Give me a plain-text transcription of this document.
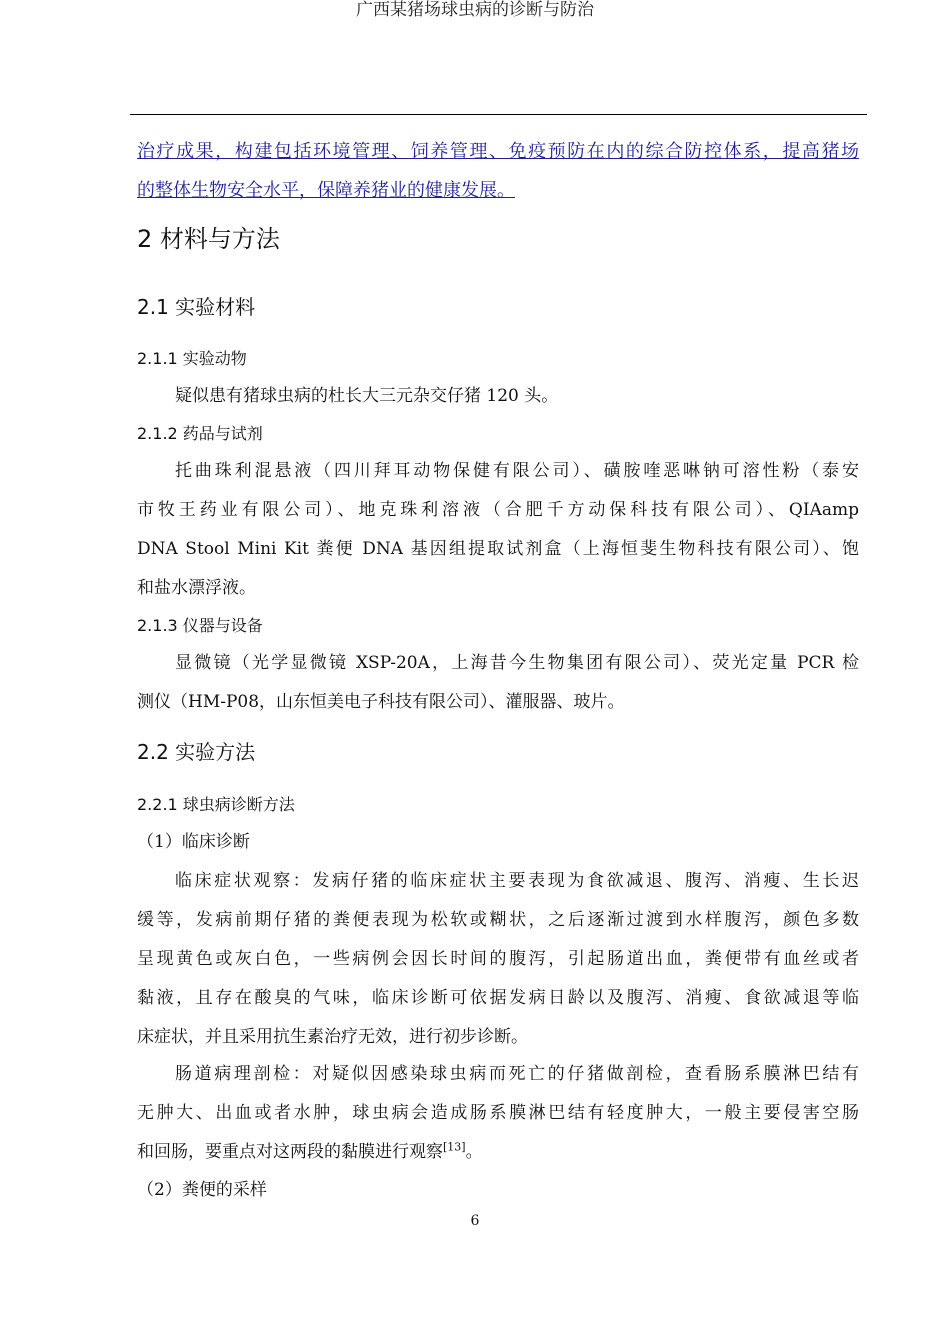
广西某猪场球虫病的诊断与防治
治疗成果，构建包括环境管理、饲养管理、免疫预防在内的综合防控体系，提高猪场
的整体生物安全水平，保障养猪业的健康发展。
2 材料与方法
2.1 实验材料
2.1.1 实验动物
疑似患有猪球虫病的杜长大三元杂交仔猪 120 头。
2.1.2 药品与试剂
托曲珠利混悬液（四川拜耳动物保健有限公司）、磺胺喹恶啉钠可溶性粉（泰安
市牧王药业有限公司）、地克珠利溶液（合肥千方动保科技有限公司）、QIAamp
DNA Stool Mini Kit 粪便 DNA 基因组提取试剂盒（上海恒斐生物科技有限公司）、饱
和盐水漂浮液。
2.1.3 仪器与设备
显微镜（光学显微镜 XSP-20A，上海昔今生物集团有限公司）、荧光定量 PCR 检
测仪（HM-P08，山东恒美电子科技有限公司）、灌服器、玻片。
2.2 实验方法
2.2.1 球虫病诊断方法
（1）临床诊断
临床症状观察：发病仔猪的临床症状主要表现为食欲减退、腹泻、消瘦、生长迟
缓等，发病前期仔猪的粪便表现为松软或糊状，之后逐渐过渡到水样腹泻，颜色多数
呈现黄色或灰白色，一些病例会因长时间的腹泻，引起肠道出血，粪便带有血丝或者
黏液，且存在酸臭的气味，临床诊断可依据发病日龄以及腹泻、消瘦、食欲减退等临
床症状，并且采用抗生素治疗无效，进行初步诊断。
肠道病理剖检：对疑似因感染球虫病而死亡的仔猪做剖检，查看肠系膜淋巴结有
无肿大、出血或者水肿，球虫病会造成肠系膜淋巴结有轻度肿大，一般主要侵害空肠
和回肠，要重点对这两段的黏膜进行观察[13]。
（2）粪便的采样
6
